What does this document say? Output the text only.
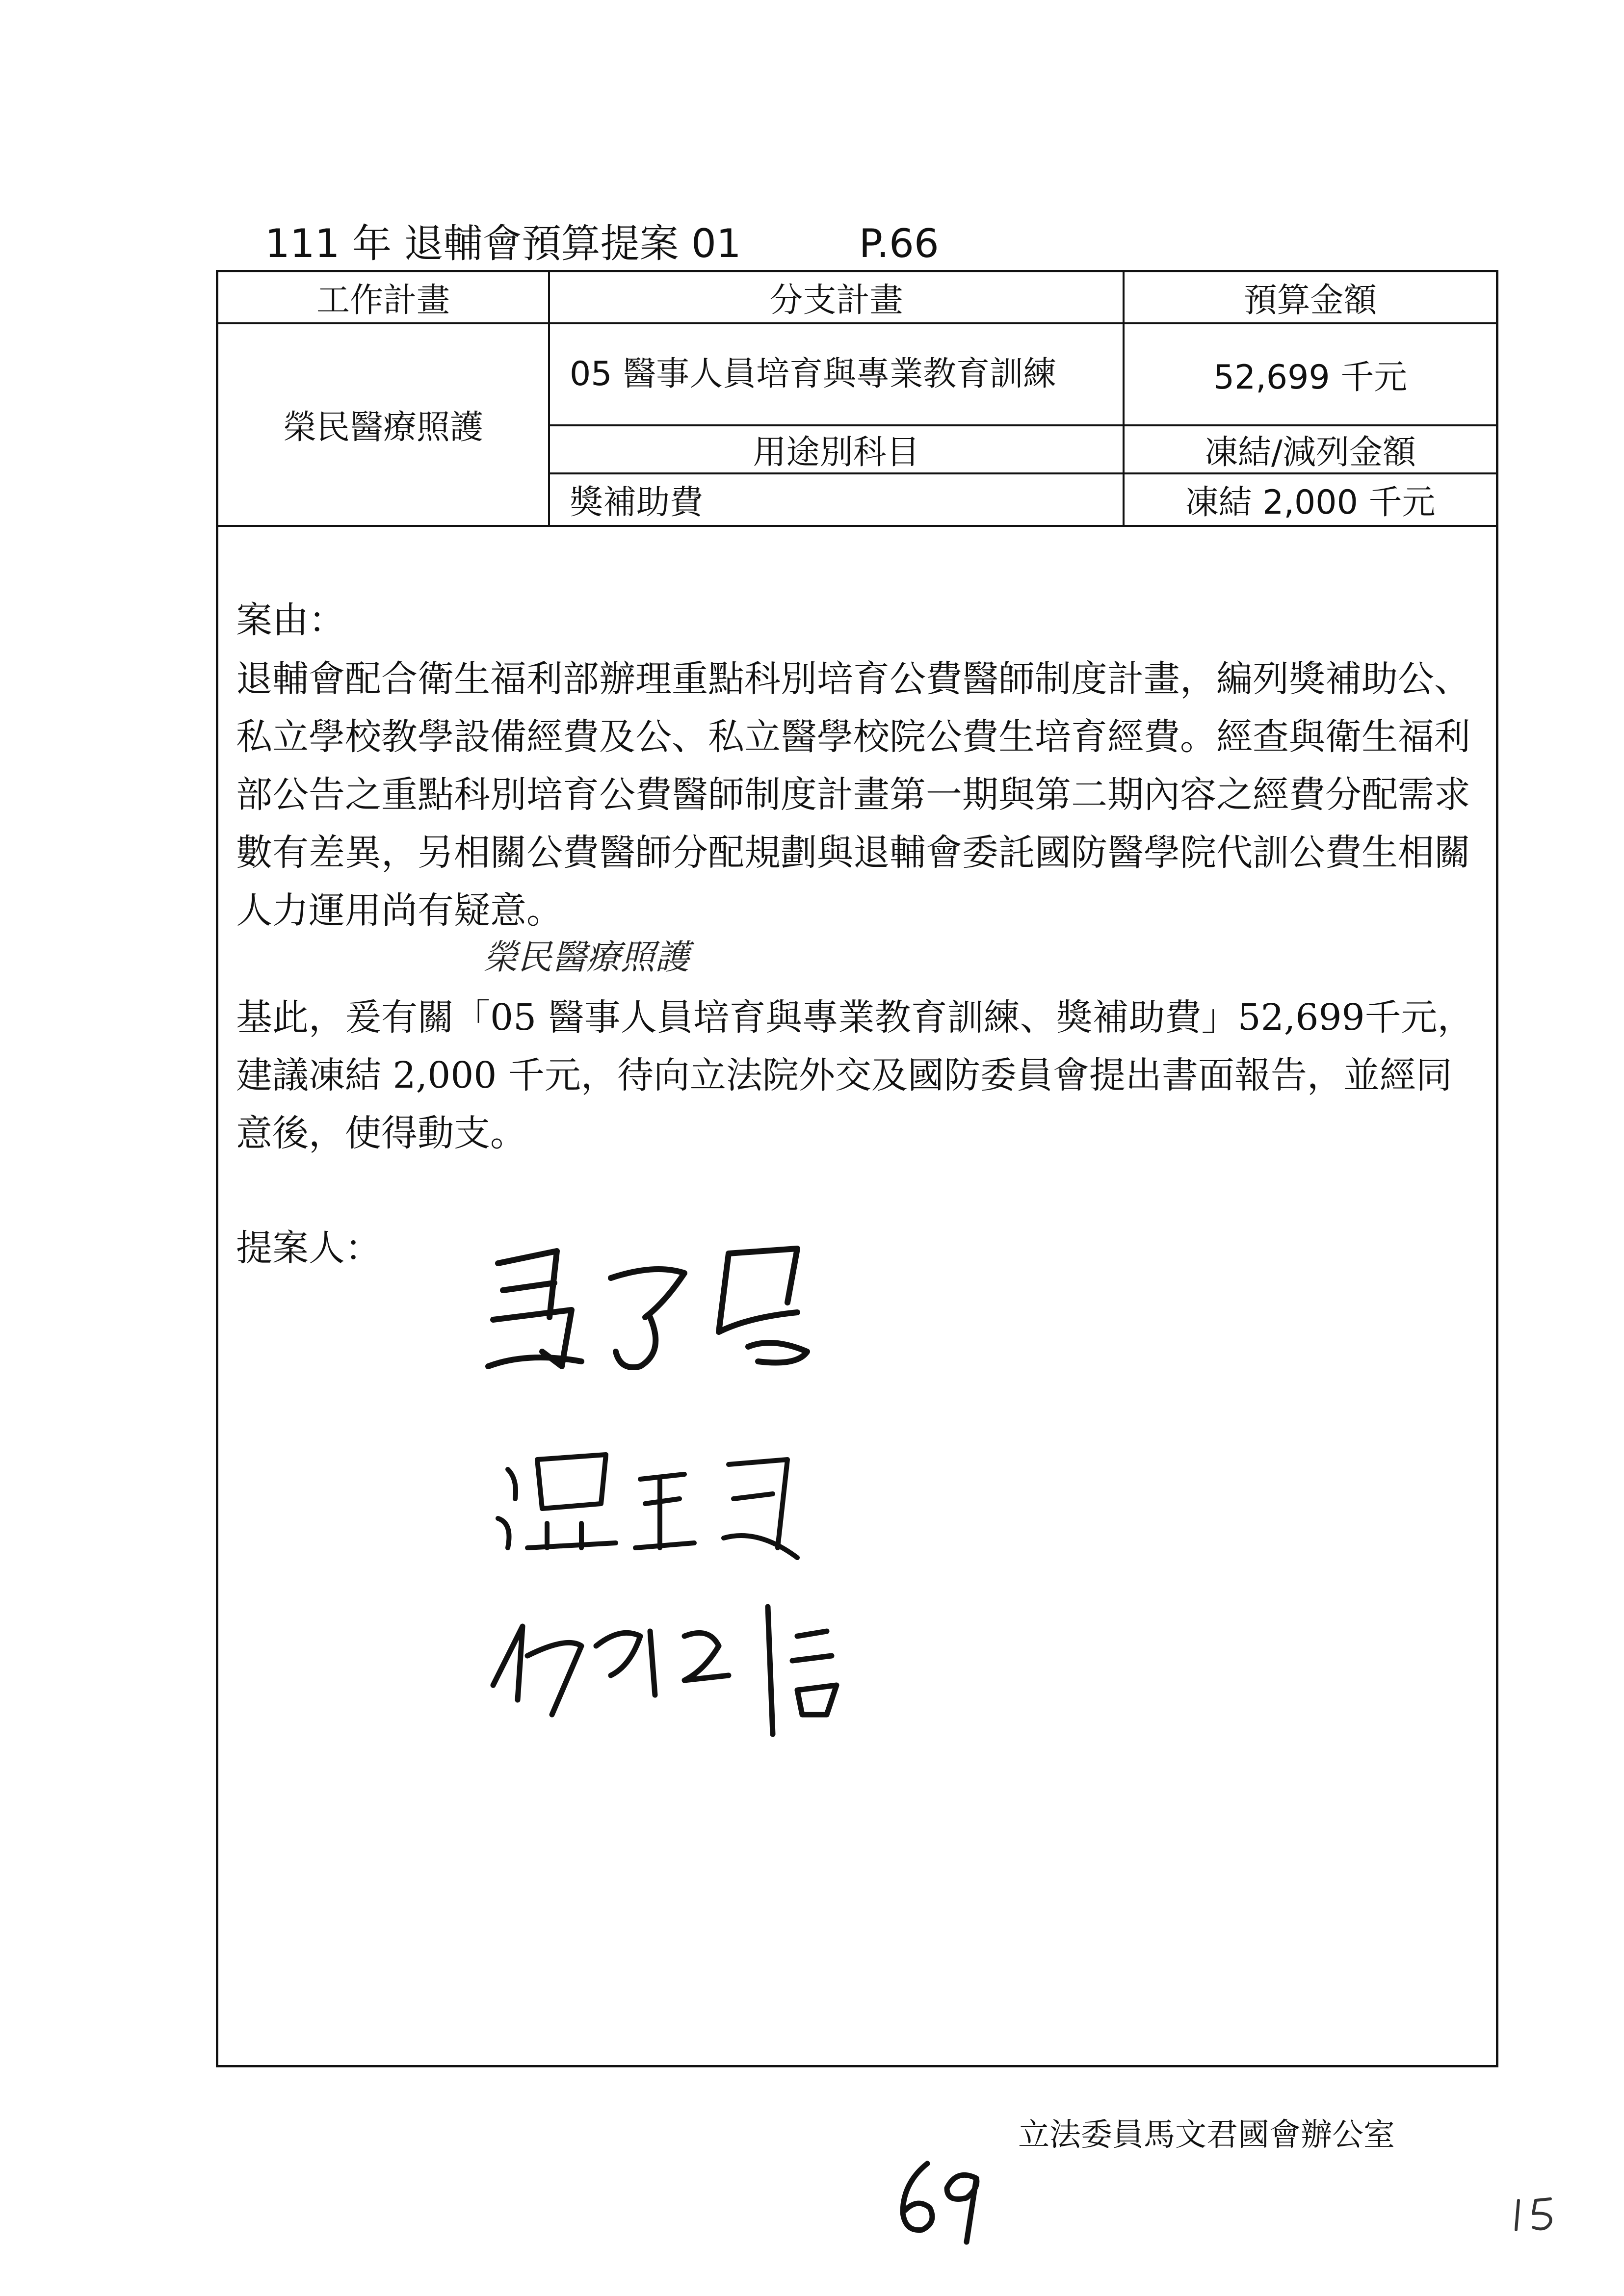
111 年 退輔會預算提案 01	P.66
工作計畫	分支計畫	預算金額
榮民醫療照護
05 醫事人員培育與專業教育訓練	52,699 千元
用途別科目	凍結/減列金額
獎補助費	凍結 2,000 千元
案由：
退輔會配合衛生福利部辦理重點科別培育公費醫師制度計畫，編列獎補助公、私立學校教學設備經費及公、私立醫學校院公費生培育經費。經查與衛生福利部公告之重點科別培育公費醫師制度計畫第一期與第二期內容之經費分配需求數有差異，另相關公費醫師分配規劃與退輔會委託國防醫學院代訓公費生相關人力運用尚有疑意。
榮民醫療照護
基此，爰有關「05 醫事人員培育與專業教育訓練、獎補助費」52,699千元，建議凍結 2,000 千元，待向立法院外交及國防委員會提出書面報告，並經同意後，使得動支。
提案人：
立法委員馬文君國會辦公室
